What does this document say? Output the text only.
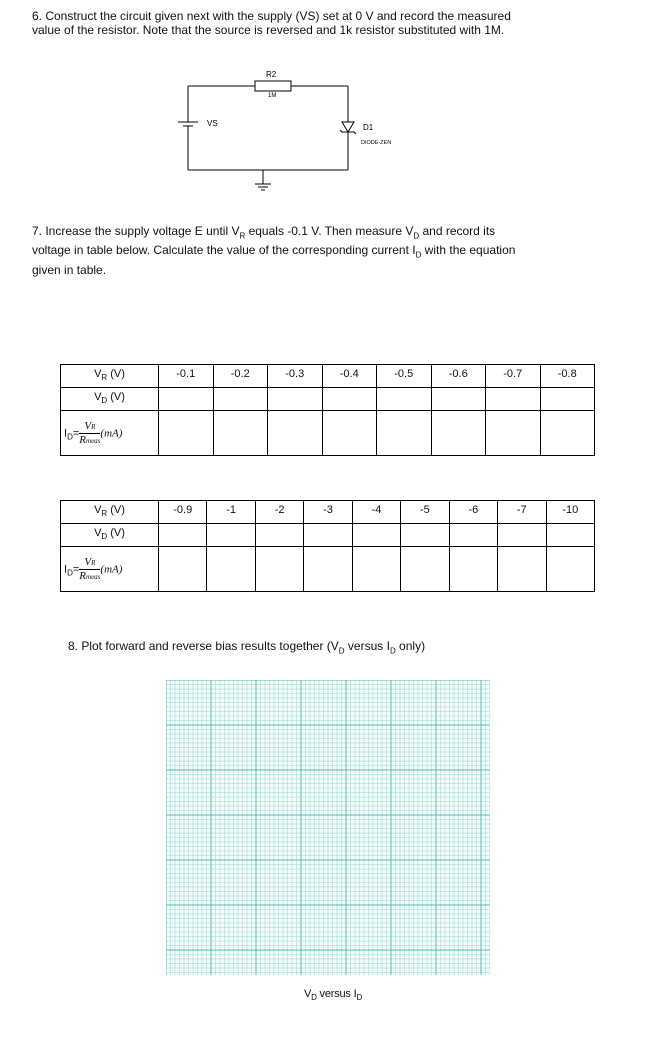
6. Construct the circuit given next with the supply (VS) set at 0 V and record the measured

value of the resistor. Note that the source is reversed and 1k resistor substituted with 1M.

R2
1M
VS	D1
DIODE-ZEN

7. Increase the supply voltage E until $V_R$ equals -0.1 V. Then measure $V_D$ and record its

voltage in table below. Calculate the value of the corresponding current $I_D$ with the equation

given in table.

$V_R$ (V)	-0.1	-0.2	-0.3	-0.4	-0.5	-0.6	-0.7	-0.8
$V_D$ (V)								
$I_D= \frac{VR}{\text{Rmeas}} (mA)$								
$V_R$ (V)	-0.9	-1	-2	-3	-4	-5	-6	-7	-10
$V_D$ (V)									
$I_D= \frac{VR}{\text{Rmeas}} (mA)$									

8. Plot forward and reverse bias results together ($V_D$ versus $I_D$ only)

$V_D$ versus $I_D$
